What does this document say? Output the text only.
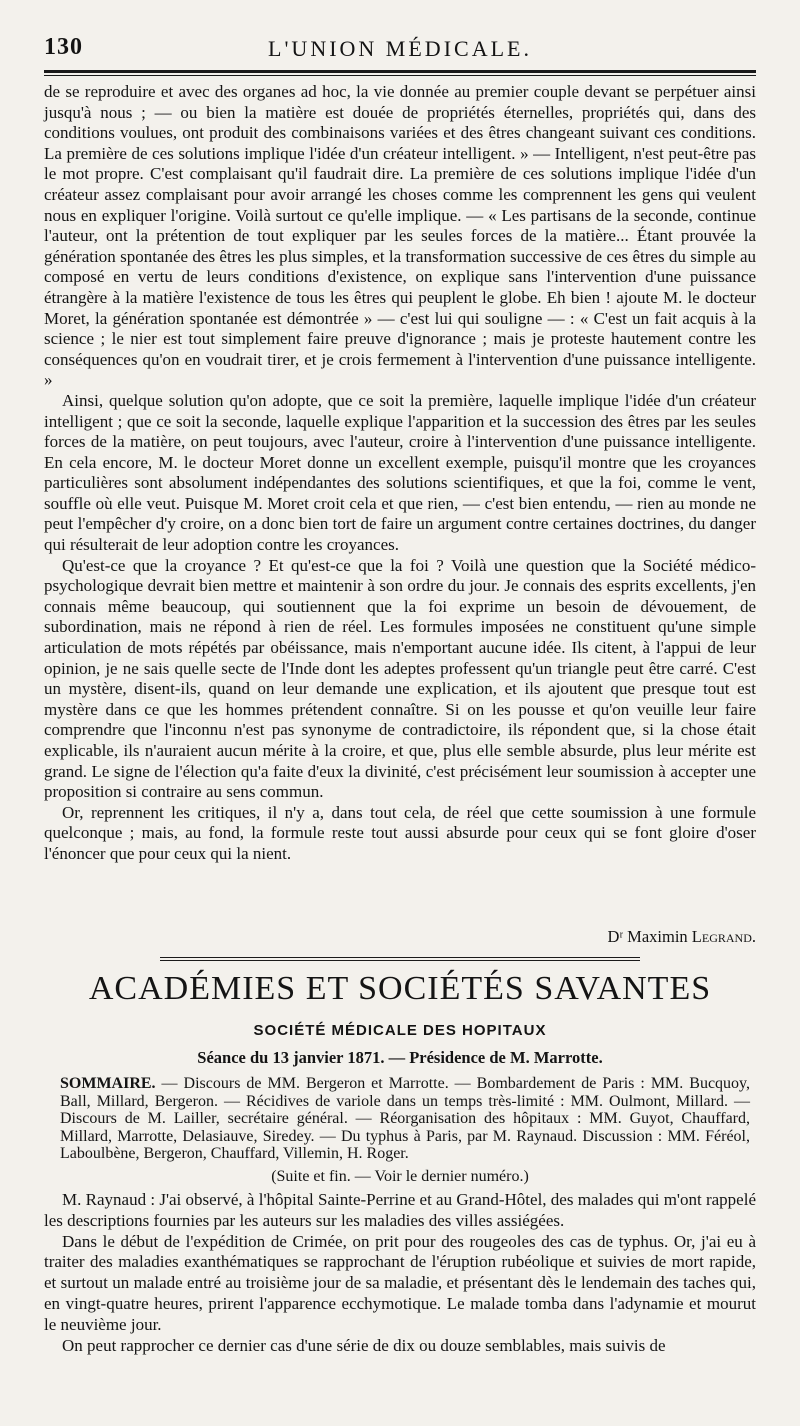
130	L'UNION MÉDICALE.

de se reproduire et avec des organes ad hoc, la vie donnée au premier couple devant se perpétuer ainsi jusqu'à nous ; — ou bien la matière est douée de propriétés éternelles, propriétés qui, dans des conditions voulues, ont produit des combinaisons variées et des êtres changeant suivant ces conditions. La première de ces solutions implique l'idée d'un créateur intelligent. » — Intelligent, n'est peut-être pas le mot propre. C'est complaisant qu'il faudrait dire. La première de ces solutions implique l'idée d'un créateur assez complaisant pour avoir arrangé les choses comme les comprennent les gens qui veulent nous en expliquer l'origine. Voilà surtout ce qu'elle implique. — « Les partisans de la seconde, continue l'auteur, ont la prétention de tout expliquer par les seules forces de la matière... Étant prouvée la génération spontanée des êtres les plus simples, et la transformation successive de ces êtres du simple au composé en vertu de leurs conditions d'existence, on explique sans l'intervention d'une puissance étrangère à la matière l'existence de tous les êtres qui peuplent le globe. Eh bien ! ajoute M. le docteur Moret, la génération spontanée est démontrée » — c'est lui qui souligne — : « C'est un fait acquis à la science ; le nier est tout simplement faire preuve d'ignorance ; mais je proteste hautement contre les conséquences qu'on en voudrait tirer, et je crois fermement à l'intervention d'une puissance intelligente. »

Ainsi, quelque solution qu'on adopte, que ce soit la première, laquelle implique l'idée d'un créateur intelligent ; que ce soit la seconde, laquelle explique l'apparition et la succession des êtres par les seules forces de la matière, on peut toujours, avec l'auteur, croire à l'intervention d'une puissance intelligente. En cela encore, M. le docteur Moret donne un excellent exemple, puisqu'il montre que les croyances particulières sont absolument indépendantes des solutions scientifiques, et que la foi, comme le vent, souffle où elle veut. Puisque M. Moret croit cela et que rien, — c'est bien entendu, — rien au monde ne peut l'empêcher d'y croire, on a donc bien tort de faire un argument contre certaines doctrines, du danger qui résulterait de leur adoption contre les croyances.

Qu'est-ce que la croyance ? Et qu'est-ce que la foi ? Voilà une question que la Société médico-psychologique devrait bien mettre et maintenir à son ordre du jour. Je connais des esprits excellents, j'en connais même beaucoup, qui soutiennent que la foi exprime un besoin de dévouement, de subordination, mais ne répond à rien de réel. Les formules imposées ne constituent qu'une simple articulation de mots répétés par obéissance, mais n'emportant aucune idée. Ils citent, à l'appui de leur opinion, je ne sais quelle secte de l'Inde dont les adeptes professent qu'un triangle peut être carré. C'est un mystère, disent-ils, quand on leur demande une explication, et ils ajoutent que presque tout est mystère dans ce que les hommes prétendent connaître. Si on les pousse et qu'on veuille leur faire comprendre que l'inconnu n'est pas synonyme de contradictoire, ils répondent que, si la chose était explicable, ils n'auraient aucun mérite à la croire, et que, plus elle semble absurde, plus leur mérite est grand. Le signe de l'élection qu'a faite d'eux la divinité, c'est précisément leur soumission à accepter une proposition si contraire au sens commun.

Or, reprennent les critiques, il n'y a, dans tout cela, de réel que cette soumission à une formule quelconque ; mais, au fond, la formule reste tout aussi absurde pour ceux qui se font gloire d'oser l'énoncer que pour ceux qui la nient.

Dʳ Maximin Legrand.
ACADÉMIES ET SOCIÉTÉS SAVANTES
SOCIÉTÉ MÉDICALE DES HOPITAUX
Séance du 13 janvier 1871. — Présidence de M. Marrotte.
SOMMAIRE. — Discours de MM. Bergeron et Marrotte. — Bombardement de Paris : MM. Bucquoy, Ball, Millard, Bergeron. — Récidives de variole dans un temps très-limité : MM. Oulmont, Millard. — Discours de M. Lailler, secrétaire général. — Réorganisation des hôpitaux : MM. Guyot, Chauffard, Millard, Marrotte, Delasiauve, Siredey. — Du typhus à Paris, par M. Raynaud. Discussion : MM. Féréol, Laboulbène, Bergeron, Chauffard, Villemin, H. Roger.
(Suite et fin. — Voir le dernier numéro.)

M. Raynaud : J'ai observé, à l'hôpital Sainte-Perrine et au Grand-Hôtel, des malades qui m'ont rappelé les descriptions fournies par les auteurs sur les maladies des villes assiégées.

Dans le début de l'expédition de Crimée, on prit pour des rougeoles des cas de typhus. Or, j'ai eu à traiter des maladies exanthématiques se rapprochant de l'éruption rubéolique et suivies de mort rapide, et surtout un malade entré au troisième jour de sa maladie, et présentant dès le lendemain des taches qui, en vingt-quatre heures, prirent l'apparence ecchymotique. Le malade tomba dans l'adynamie et mourut le neuvième jour.

On peut rapprocher ce dernier cas d'une série de dix ou douze semblables, mais suivis de
